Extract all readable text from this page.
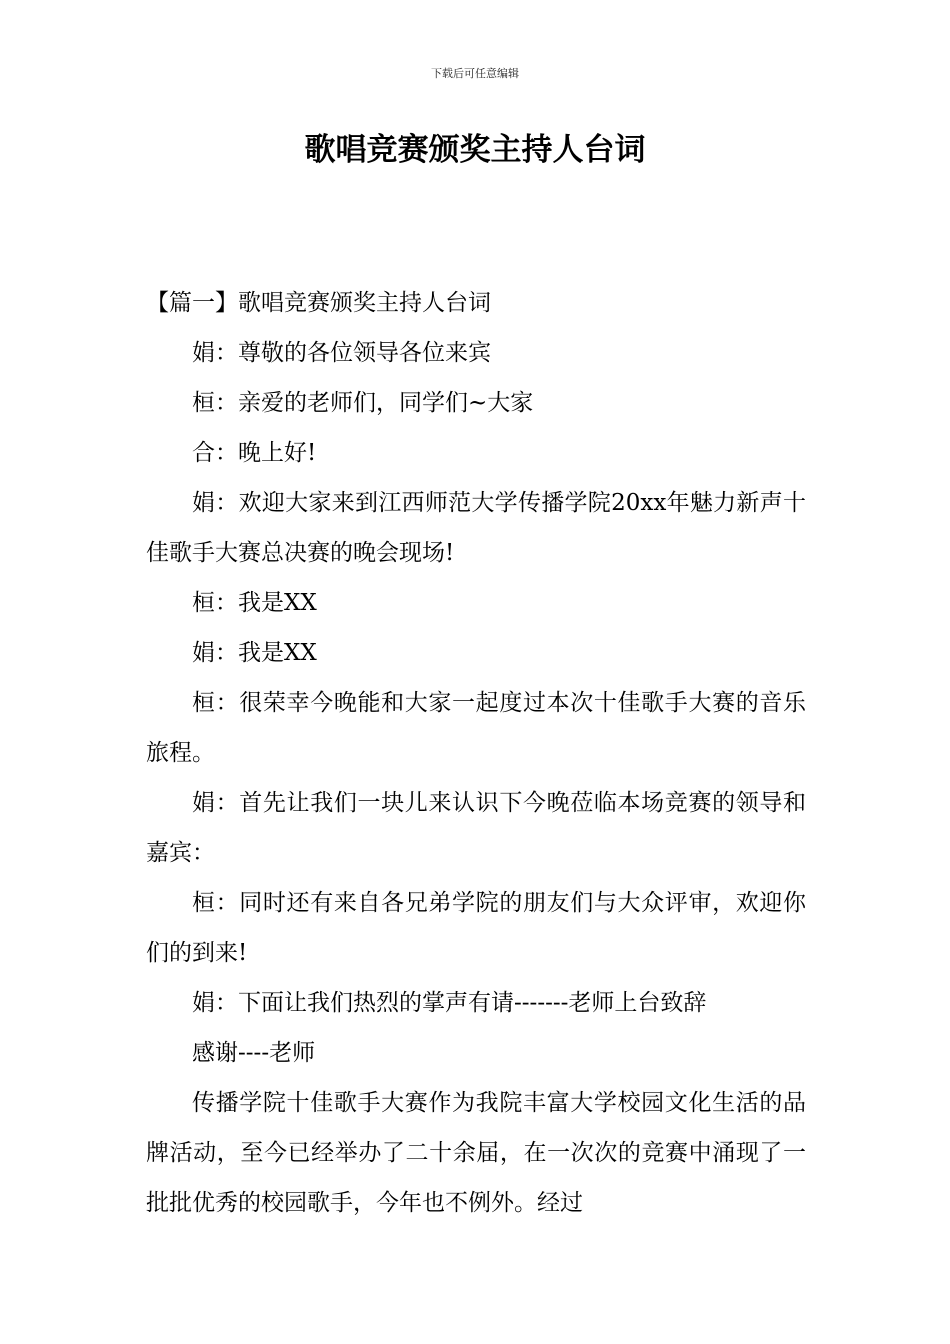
下载后可任意编辑
歌唱竞赛颁奖主持人台词

【篇一】歌唱竞赛颁奖主持人台词

娟：尊敬的各位领导各位来宾

桓：亲爱的老师们，同学们~大家

合：晚上好!

娟：欢迎大家来到江西师范大学传播学院20xx年魅力新声十佳歌手大赛总决赛的晚会现场!

桓：我是XX

娟：我是XX

桓：很荣幸今晚能和大家一起度过本次十佳歌手大赛的音乐旅程。

娟：首先让我们一块儿来认识下今晚莅临本场竞赛的领导和嘉宾：

桓：同时还有来自各兄弟学院的朋友们与大众评审，欢迎你们的到来!

娟：下面让我们热烈的掌声有请-------老师上台致辞

感谢----老师

传播学院十佳歌手大赛作为我院丰富大学校园文化生活的品牌活动，至今已经举办了二十余届，在一次次的竞赛中涌现了一批批优秀的校园歌手，今年也不例外。经过
